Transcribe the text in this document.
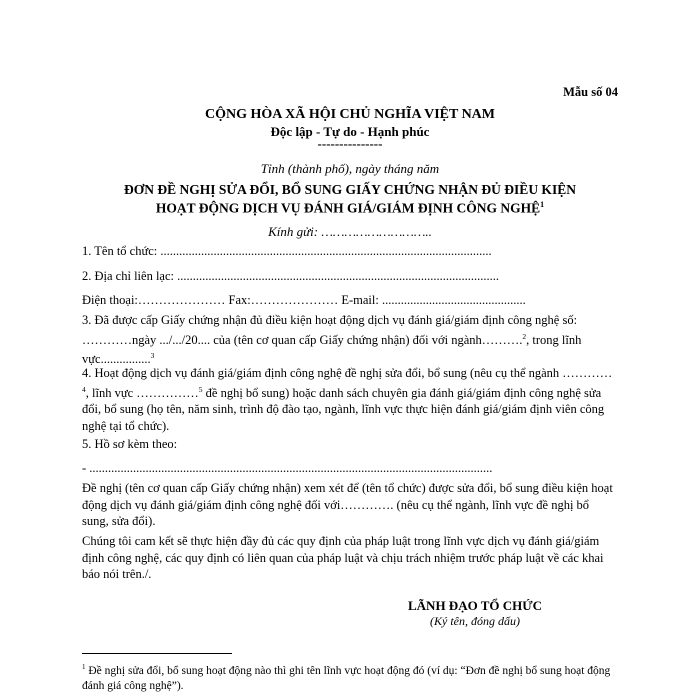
Mẫu số 04
CỘNG HÒA XÃ HỘI CHỦ NGHĨA VIỆT NAM
Độc lập - Tự do - Hạnh phúc
---------------
Tỉnh (thành phố), ngày tháng năm
ĐƠN ĐỀ NGHỊ SỬA ĐỔI, BỔ SUNG GIẤY CHỨNG NHẬN ĐỦ ĐIỀU KIỆN
HOẠT ĐỘNG DỊCH VỤ ĐÁNH GIÁ/GIÁM ĐỊNH CÔNG NGHỆ$^1$
Kính gửi: ………………………..
1. Tên tổ chức: ..........................................................................................................
2. Địa chỉ liên lạc: .......................................................................................................
Điện thoại:………………… Fax:………………… E-mail: ..............................................
3. Đã được cấp Giấy chứng nhận đủ điều kiện hoạt động dịch vụ đánh giá/giám định công nghệ số: …………ngày .../.../20.... của (tên cơ quan cấp Giấy chứng nhận) đối với ngành……….$^2$, trong lĩnh vực................$^3$
4. Hoạt động dịch vụ đánh giá/giám định công nghệ đề nghị sửa đổi, bổ sung (nêu cụ thể ngành …………$^4$, lĩnh vực ……………$^5$ đề nghị bổ sung) hoặc danh sách chuyên gia đánh giá/giám định công nghệ sửa đổi, bổ sung (họ tên, năm sinh, trình độ đào tạo, ngành, lĩnh vực thực hiện đánh giá/giám định viên công nghệ tại tổ chức).
5. Hồ sơ kèm theo:
- .................................................................................................................................
Đề nghị (tên cơ quan cấp Giấy chứng nhận) xem xét để (tên tổ chức) được sửa đổi, bổ sung điều kiện hoạt động dịch vụ đánh giá/giám định công nghệ đối với…………. (nêu cụ thể ngành, lĩnh vực đề nghị bổ sung, sửa đổi).
Chúng tôi cam kết sẽ thực hiện đầy đủ các quy định của pháp luật trong lĩnh vực dịch vụ đánh giá/giám định công nghệ, các quy định có liên quan của pháp luật và chịu trách nhiệm trước pháp luật về các khai báo nói trên./.
LÃNH ĐẠO TỔ CHỨC
(Ký tên, đóng dấu)
$^1$ Đề nghị sửa đổi, bổ sung hoạt động nào thì ghi tên lĩnh vực hoạt động đó (ví dụ: “Đơn đề nghị bổ sung hoạt động đánh giá công nghệ”).
